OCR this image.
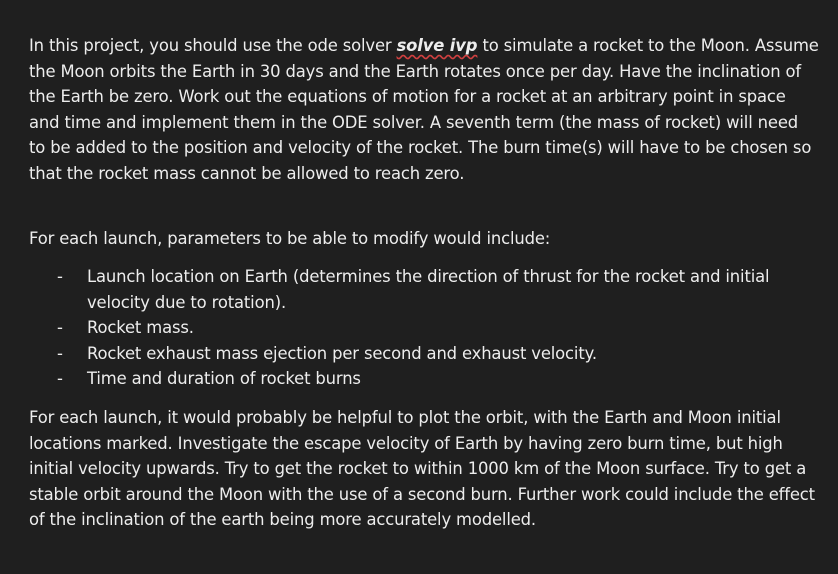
In this project, you should use the ode solver solve ivp to simulate a rocket to the Moon. Assume the Moon orbits the Earth in 30 days and the Earth rotates once per day. Have the inclination of the Earth be zero. Work out the equations of motion for a rocket at an arbitrary point in space and time and implement them in the ODE solver. A seventh term (the mass of rocket) will need to be added to the position and velocity of the rocket. The burn time(s) will have to be chosen so that the rocket mass cannot be allowed to reach zero.

For each launch, parameters to be able to modify would include:

- Launch location on Earth (determines the direction of thrust for the rocket and initial velocity due to rotation).
- Rocket mass.
- Rocket exhaust mass ejection per second and exhaust velocity.
- Time and duration of rocket burns

For each launch, it would probably be helpful to plot the orbit, with the Earth and Moon initial locations marked. Investigate the escape velocity of Earth by having zero burn time, but high initial velocity upwards. Try to get the rocket to within 1000 km of the Moon surface. Try to get a stable orbit around the Moon with the use of a second burn. Further work could include the effect of the inclination of the earth being more accurately modelled.
